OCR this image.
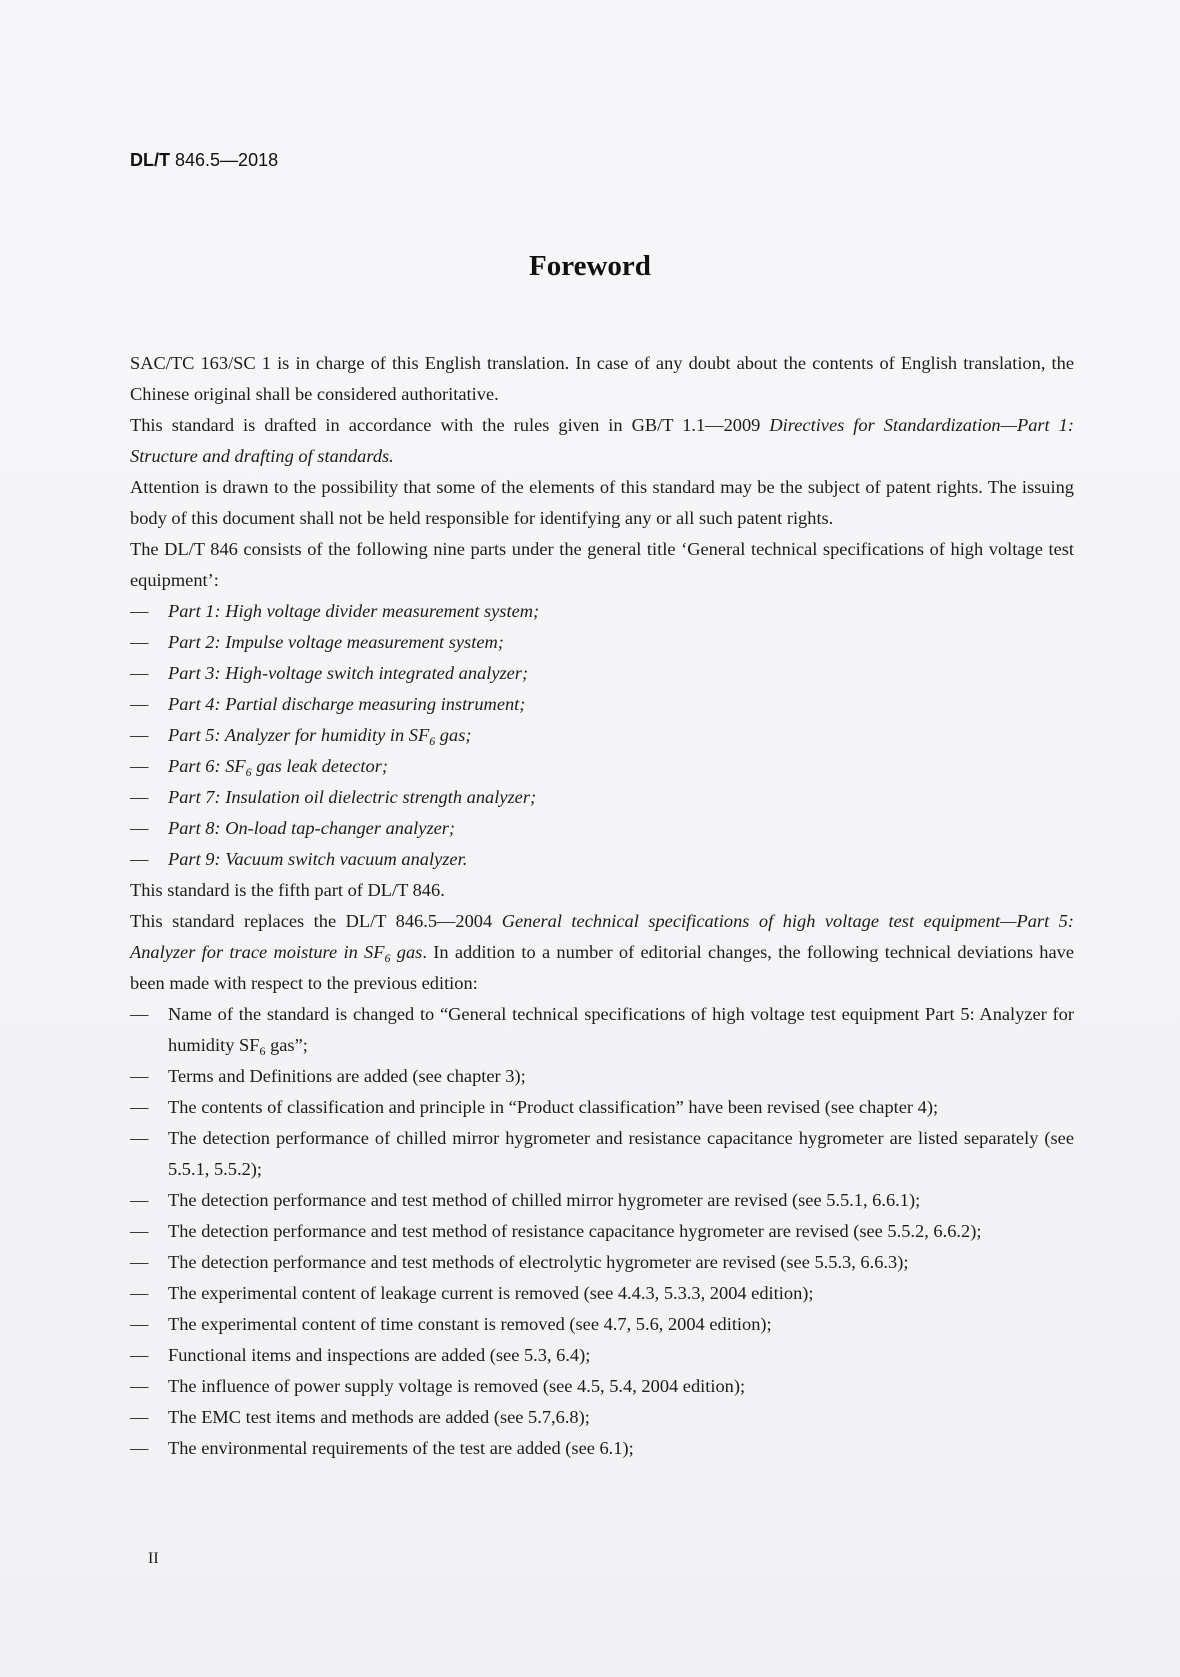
DL/T 846.5—2018
Foreword

SAC/TC 163/SC 1 is in charge of this English translation. In case of any doubt about the contents of English translation, the Chinese original shall be considered authoritative.

This standard is drafted in accordance with the rules given in GB/T 1.1—2009 Directives for Standardization—Part 1: Structure and drafting of standards.

Attention is drawn to the possibility that some of the elements of this standard may be the subject of patent rights. The issuing body of this document shall not be held responsible for identifying any or all such patent rights.

The DL/T 846 consists of the following nine parts under the general title ‘General technical specifications of high voltage test equipment’:

—	Part 1: High voltage divider measurement system;
—	Part 2: Impulse voltage measurement system;
—	Part 3: High-voltage switch integrated analyzer;
—	Part 4: Partial discharge measuring instrument;
—	Part 5: Analyzer for humidity in $SF_6$ gas;
—	Part 6: $SF_6$ gas leak detector;
—	Part 7: Insulation oil dielectric strength analyzer;
—	Part 8: On-load tap-changer analyzer;
—	Part 9: Vacuum switch vacuum analyzer.

This standard is the fifth part of DL/T 846.

This standard replaces the DL/T 846.5—2004 General technical specifications of high voltage test equipment—Part 5: Analyzer for trace moisture in $SF_6$ gas. In addition to a number of editorial changes, the following technical deviations have been made with respect to the previous edition:

—	Name of the standard is changed to “General technical specifications of high voltage test equipment Part 5: Analyzer for humidity $SF_6$ gas”;
—	Terms and Definitions are added (see chapter 3);
—	The contents of classification and principle in “Product classification” have been revised (see chapter 4);
—	The detection performance of chilled mirror hygrometer and resistance capacitance hygrometer are listed separately (see 5.5.1, 5.5.2);
—	The detection performance and test method of chilled mirror hygrometer are revised (see 5.5.1, 6.6.1);
—	The detection performance and test method of resistance capacitance hygrometer are revised (see 5.5.2, 6.6.2);
—	The detection performance and test methods of electrolytic hygrometer are revised (see 5.5.3, 6.6.3);
—	The experimental content of leakage current is removed (see 4.4.3, 5.3.3, 2004 edition);
—	The experimental content of time constant is removed (see 4.7, 5.6, 2004 edition);
—	Functional items and inspections are added (see 5.3, 6.4);
—	The influence of power supply voltage is removed (see 4.5, 5.4, 2004 edition);
—	The EMC test items and methods are added (see 5.7,6.8);
—	The environmental requirements of the test are added (see 6.1);
II
